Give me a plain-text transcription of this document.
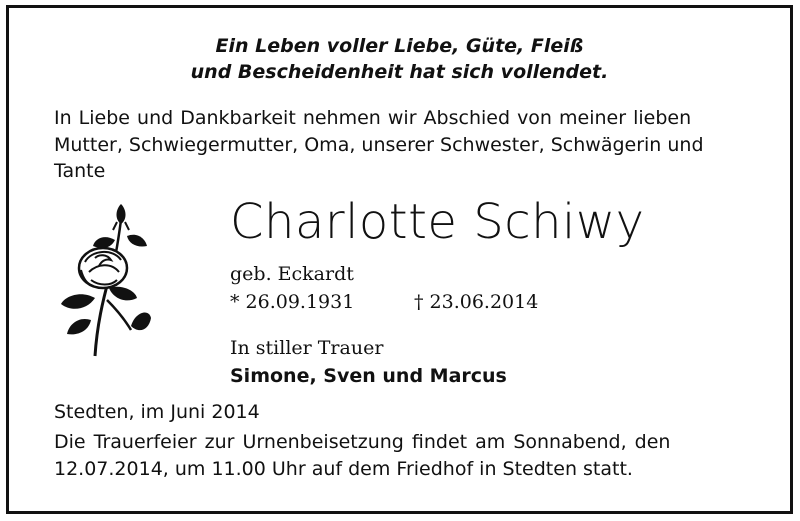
Ein Leben voller Liebe, Güte, Fleiß
und Bescheidenheit hat sich vollendet.
In Liebe und Dankbarkeit nehmen wir Abschied von meiner lieben
Mutter, Schwiegermutter, Oma, unserer Schwester, Schwägerin und
Tante
Charlotte Schiwy
geb. Eckardt
* 26.09.1931	† 23.06.2014
In stiller Trauer
Simone, Sven und Marcus
Stedten, im Juni 2014
Die Trauerfeier zur Urnenbeisetzung findet am Sonnabend, den
12.07.2014, um 11.00 Uhr auf dem Friedhof in Stedten statt.
